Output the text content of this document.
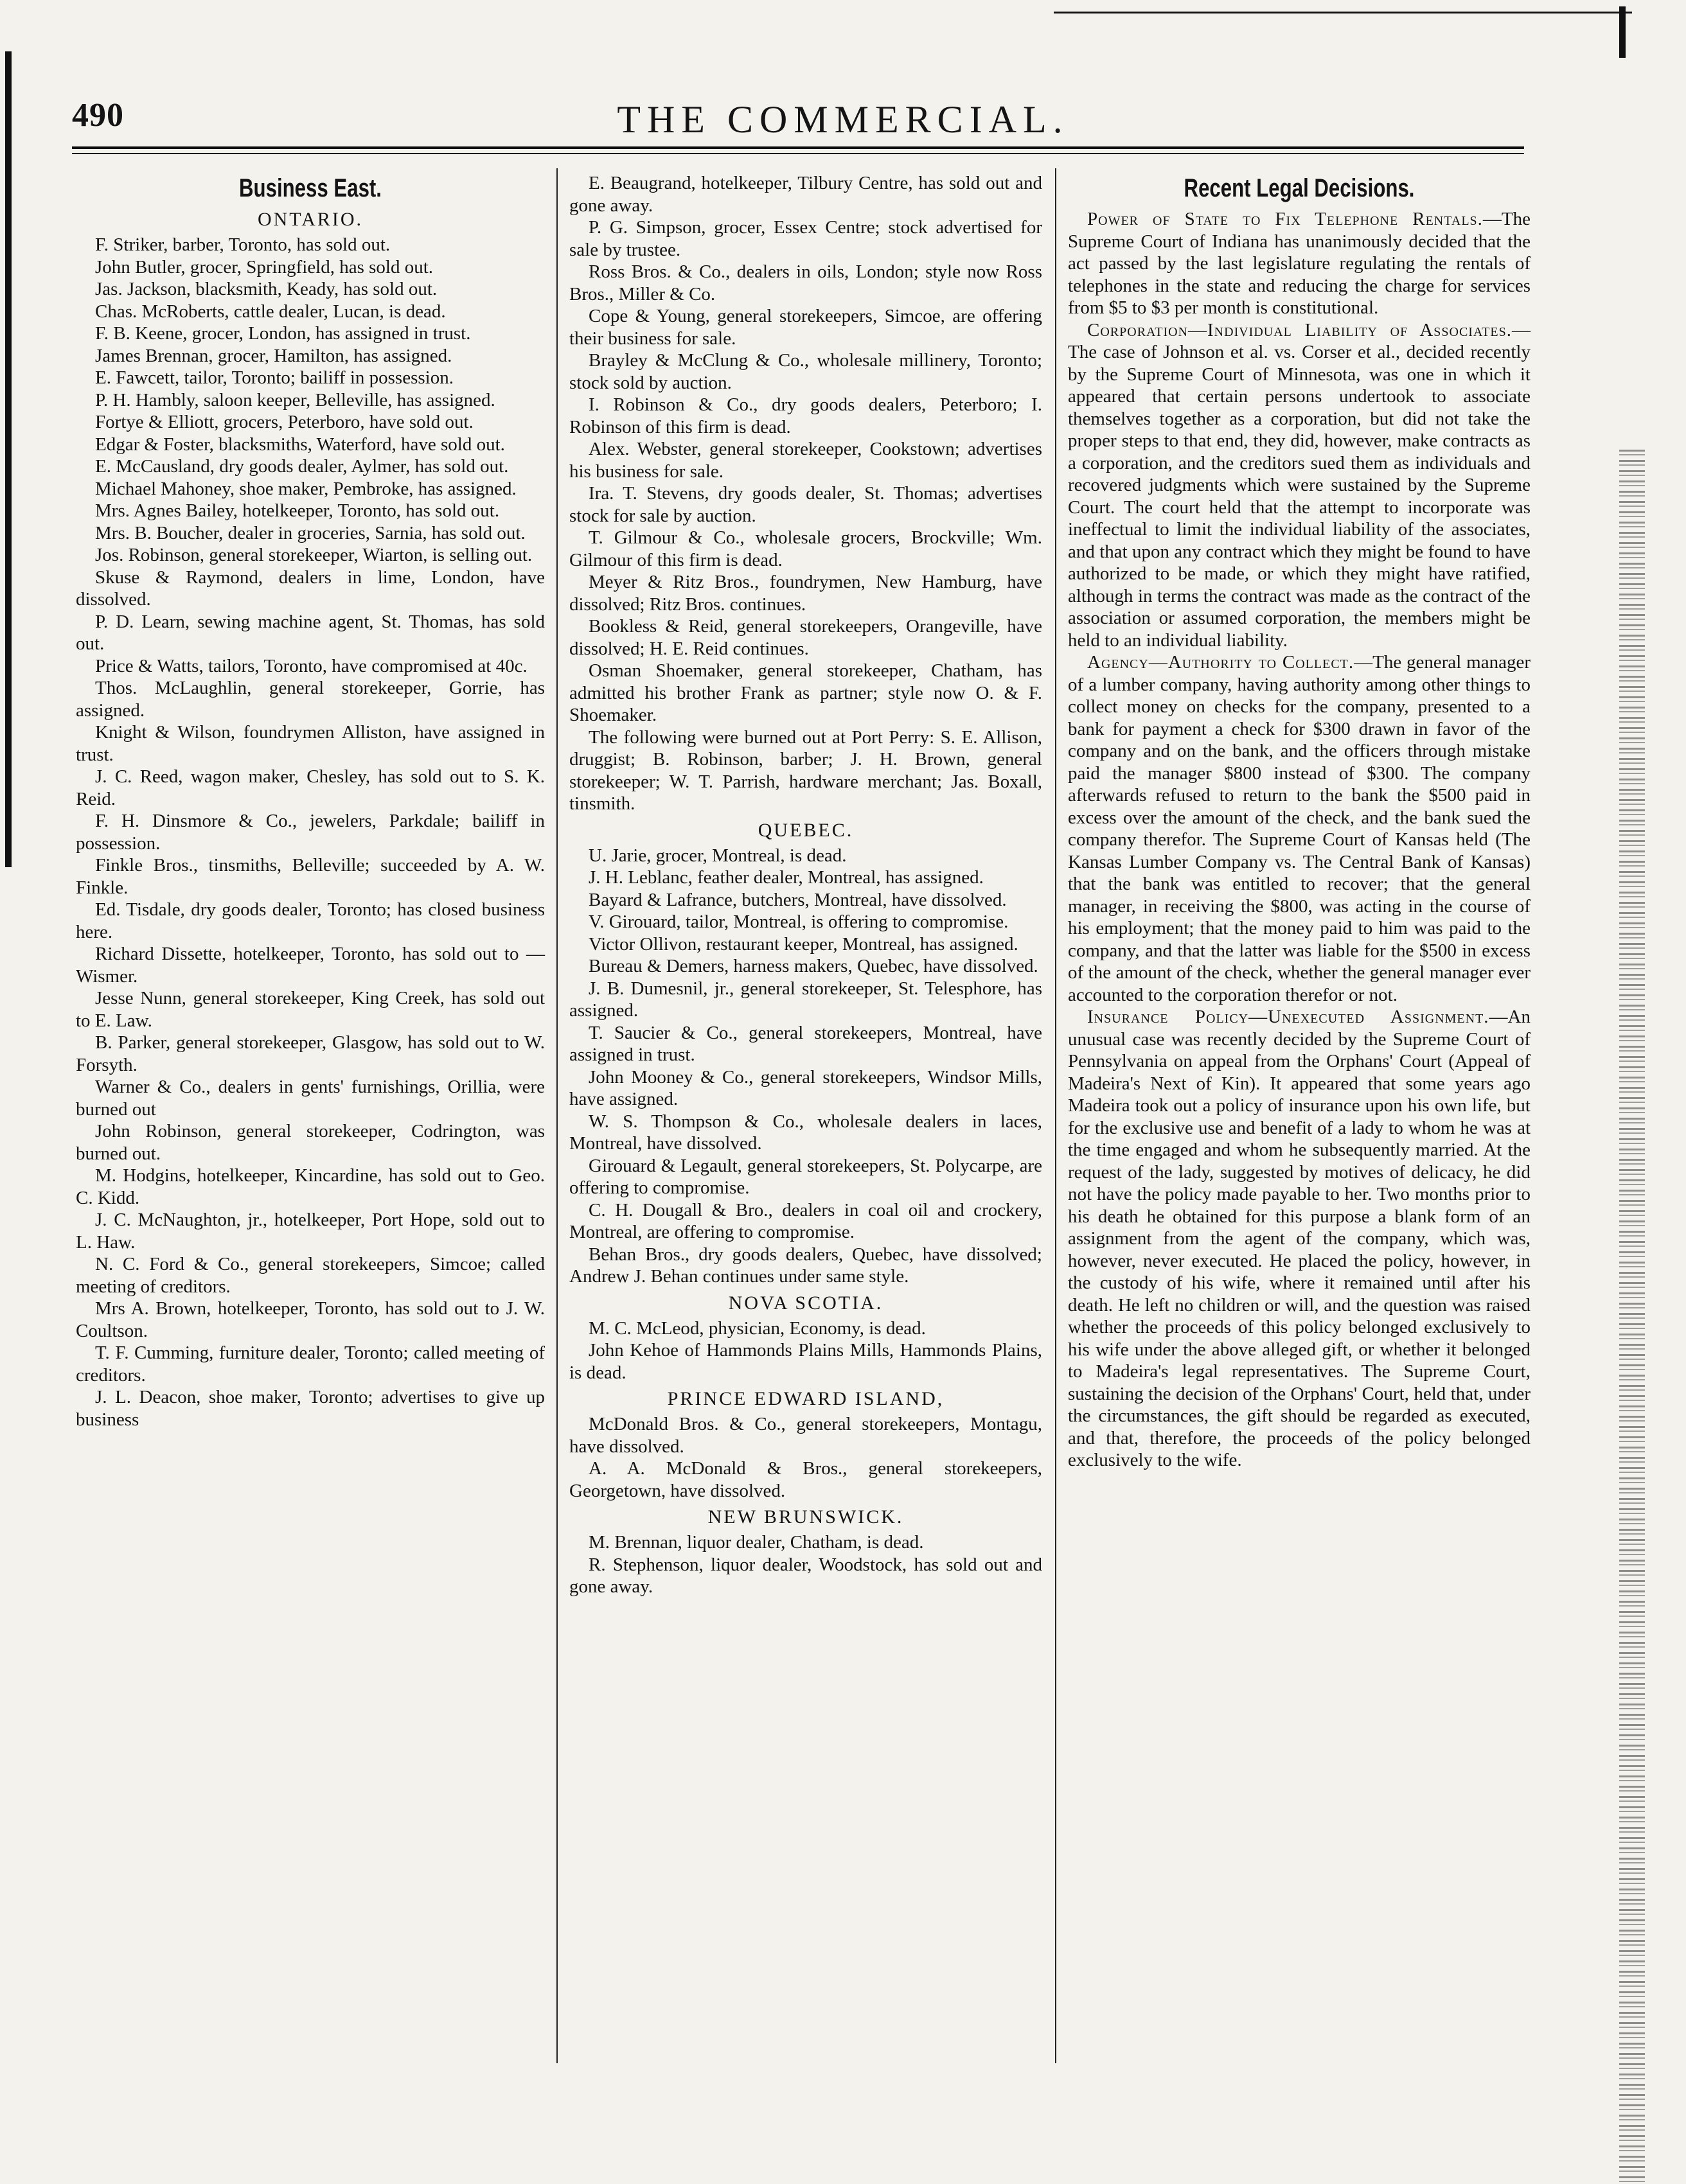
490	THE COMMERCIAL.
Business East.
ONTARIO.

F. Striker, barber, Toronto, has sold out.

John Butler, grocer, Springfield, has sold out.

Jas. Jackson, blacksmith, Keady, has sold out.

Chas. McRoberts, cattle dealer, Lucan, is dead.

F. B. Keene, grocer, London, has assigned in trust.

James Brennan, grocer, Hamilton, has assigned.

E. Fawcett, tailor, Toronto; bailiff in possession.

P. H. Hambly, saloon keeper, Belleville, has assigned.

Fortye & Elliott, grocers, Peterboro, have sold out.

Edgar & Foster, blacksmiths, Waterford, have sold out.

E. McCausland, dry goods dealer, Aylmer, has sold out.

Michael Mahoney, shoe maker, Pembroke, has assigned.

Mrs. Agnes Bailey, hotelkeeper, Toronto, has sold out.

Mrs. B. Boucher, dealer in groceries, Sarnia, has sold out.

Jos. Robinson, general storekeeper, Wiarton, is selling out.

Skuse & Raymond, dealers in lime, London, have dissolved.

P. D. Learn, sewing machine agent, St. Thomas, has sold out.

Price & Watts, tailors, Toronto, have compromised at 40c.

Thos. McLaughlin, general storekeeper, Gorrie, has assigned.

Knight & Wilson, foundrymen Alliston, have assigned in trust.

J. C. Reed, wagon maker, Chesley, has sold out to S. K. Reid.

F. H. Dinsmore & Co., jewelers, Parkdale; bailiff in possession.

Finkle Bros., tinsmiths, Belleville; succeeded by A. W. Finkle.

Ed. Tisdale, dry goods dealer, Toronto; has closed business here.

Richard Dissette, hotelkeeper, Toronto, has sold out to — Wismer.

Jesse Nunn, general storekeeper, King Creek, has sold out to E. Law.

B. Parker, general storekeeper, Glasgow, has sold out to W. Forsyth.

Warner & Co., dealers in gents' furnishings, Orillia, were burned out

John Robinson, general storekeeper, Codrington, was burned out.

M. Hodgins, hotelkeeper, Kincardine, has sold out to Geo. C. Kidd.

J. C. McNaughton, jr., hotelkeeper, Port Hope, sold out to L. Haw.

N. C. Ford & Co., general storekeepers, Simcoe; called meeting of creditors.

Mrs A. Brown, hotelkeeper, Toronto, has sold out to J. W. Coultson.

T. F. Cumming, furniture dealer, Toronto; called meeting of creditors.

J. L. Deacon, shoe maker, Toronto; advertises to give up business

E. Beaugrand, hotelkeeper, Tilbury Centre, has sold out and gone away.

P. G. Simpson, grocer, Essex Centre; stock advertised for sale by trustee.

Ross Bros. & Co., dealers in oils, London; style now Ross Bros., Miller & Co.

Cope & Young, general storekeepers, Simcoe, are offering their business for sale.

Brayley & McClung & Co., wholesale millinery, Toronto; stock sold by auction.

I. Robinson & Co., dry goods dealers, Peterboro; I. Robinson of this firm is dead.

Alex. Webster, general storekeeper, Cookstown; advertises his business for sale.

Ira. T. Stevens, dry goods dealer, St. Thomas; advertises stock for sale by auction.

T. Gilmour & Co., wholesale grocers, Brockville; Wm. Gilmour of this firm is dead.

Meyer & Ritz Bros., foundrymen, New Hamburg, have dissolved; Ritz Bros. continues.

Bookless & Reid, general storekeepers, Orangeville, have dissolved; H. E. Reid continues.

Osman Shoemaker, general storekeeper, Chatham, has admitted his brother Frank as partner; style now O. & F. Shoemaker.

The following were burned out at Port Perry: S. E. Allison, druggist; B. Robinson, barber; J. H. Brown, general storekeeper; W. T. Parrish, hardware merchant; Jas. Boxall, tinsmith.

QUEBEC.

U. Jarie, grocer, Montreal, is dead.

J. H. Leblanc, feather dealer, Montreal, has assigned.

Bayard & Lafrance, butchers, Montreal, have dissolved.

V. Girouard, tailor, Montreal, is offering to compromise.

Victor Ollivon, restaurant keeper, Montreal, has assigned.

Bureau & Demers, harness makers, Quebec, have dissolved.

J. B. Dumesnil, jr., general storekeeper, St. Telesphore, has assigned.

T. Saucier & Co., general storekeepers, Montreal, have assigned in trust.

John Mooney & Co., general storekeepers, Windsor Mills, have assigned.

W. S. Thompson & Co., wholesale dealers in laces, Montreal, have dissolved.

Girouard & Legault, general storekeepers, St. Polycarpe, are offering to compromise.

C. H. Dougall & Bro., dealers in coal oil and crockery, Montreal, are offering to compromise.

Behan Bros., dry goods dealers, Quebec, have dissolved; Andrew J. Behan continues under same style.

NOVA SCOTIA.

M. C. McLeod, physician, Economy, is dead.

John Kehoe of Hammonds Plains Mills, Hammonds Plains, is dead.

PRINCE EDWARD ISLAND,

McDonald Bros. & Co., general storekeepers, Montagu, have dissolved.

A. A. McDonald & Bros., general storekeepers, Georgetown, have dissolved.

NEW BRUNSWICK.

M. Brennan, liquor dealer, Chatham, is dead.

R. Stephenson, liquor dealer, Woodstock, has sold out and gone away.

Recent Legal Decisions.

Power of State to Fix Telephone Rentals.—The Supreme Court of Indiana has unanimously decided that the act passed by the last legislature regulating the rentals of telephones in the state and reducing the charge for services from $5 to $3 per month is constitutional.

Corporation—Individual Liability of Associates.—The case of Johnson et al. vs. Corser et al., decided recently by the Supreme Court of Minnesota, was one in which it appeared that certain persons undertook to associate themselves together as a corporation, but did not take the proper steps to that end, they did, however, make contracts as a corporation, and the creditors sued them as individuals and recovered judgments which were sustained by the Supreme Court. The court held that the attempt to incorporate was ineffectual to limit the individual liability of the associates, and that upon any contract which they might be found to have authorized to be made, or which they might have ratified, although in terms the contract was made as the contract of the association or assumed corporation, the members might be held to an individual liability.

Agency—Authority to Collect.—The general manager of a lumber company, having authority among other things to collect money on checks for the company, presented to a bank for payment a check for $300 drawn in favor of the company and on the bank, and the officers through mistake paid the manager $800 instead of $300. The company afterwards refused to return to the bank the $500 paid in excess over the amount of the check, and the bank sued the company therefor. The Supreme Court of Kansas held (The Kansas Lumber Company vs. The Central Bank of Kansas) that the bank was entitled to recover; that the general manager, in receiving the $800, was acting in the course of his employment; that the money paid to him was paid to the company, and that the latter was liable for the $500 in excess of the amount of the check, whether the general manager ever accounted to the corporation therefor or not.

Insurance Policy—Unexecuted Assignment.—An unusual case was recently decided by the Supreme Court of Pennsylvania on appeal from the Orphans' Court (Appeal of Madeira's Next of Kin). It appeared that some years ago Madeira took out a policy of insurance upon his own life, but for the exclusive use and benefit of a lady to whom he was at the time engaged and whom he subsequently married. At the request of the lady, suggested by motives of delicacy, he did not have the policy made payable to her. Two months prior to his death he obtained for this purpose a blank form of an assignment from the agent of the company, which was, however, never executed. He placed the policy, however, in the custody of his wife, where it remained until after his death. He left no children or will, and the question was raised whether the proceeds of this policy belonged exclusively to his wife under the above alleged gift, or whether it belonged to Madeira's legal representatives. The Supreme Court, sustaining the decision of the Orphans' Court, held that, under the circumstances, the gift should be regarded as executed, and that, therefore, the proceeds of the policy belonged exclusively to the wife.
